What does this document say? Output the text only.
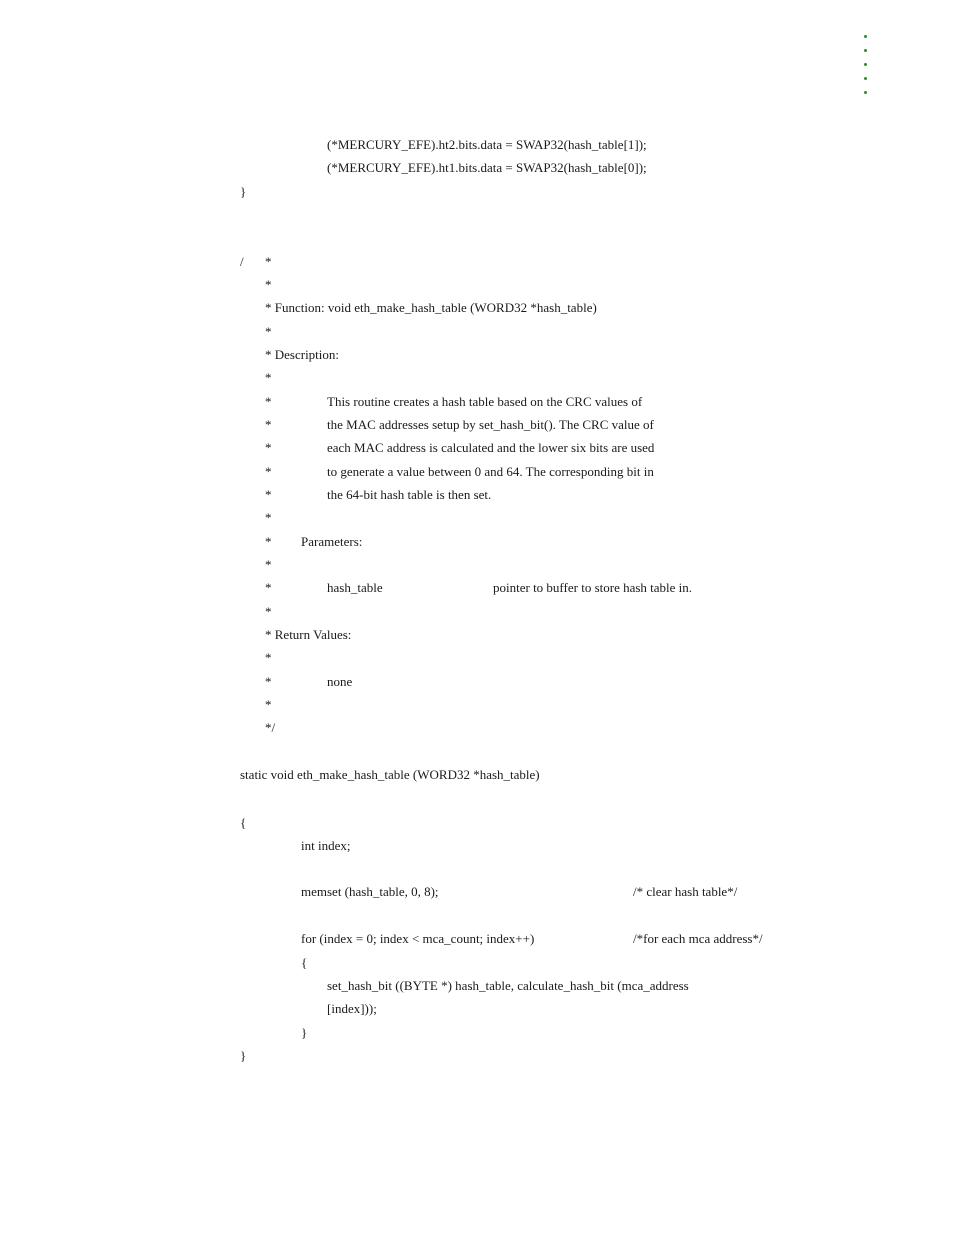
(*MERCURY_EFE).ht2.bits.data = SWAP32(hash_table[1]);
(*MERCURY_EFE).ht1.bits.data = SWAP32(hash_table[0]);
}
/ *
*
* Function: void eth_make_hash_table (WORD32 *hash_table)
*
* Description:
*
*	This routine creates a hash table based on the CRC values of
*	the MAC addresses setup by set_hash_bit(). The CRC value of
*	each MAC address is calculated and the lower six bits are used
*	to generate a value between 0 and 64. The corresponding bit in
*	the 64-bit hash table is then set.
*
* Parameters:
*
*	hash_table	pointer to buffer to store hash table in.
*
* Return Values:
*
*	none
*
*/
static void eth_make_hash_table (WORD32 *hash_table)
{
int index;
memset (hash_table, 0, 8);	/* clear hash table*/
for (index = 0; index < mca_count; index++)	/*for each mca address*/
{
set_hash_bit ((BYTE *) hash_table, calculate_hash_bit (mca_address
[index]));
}
}
